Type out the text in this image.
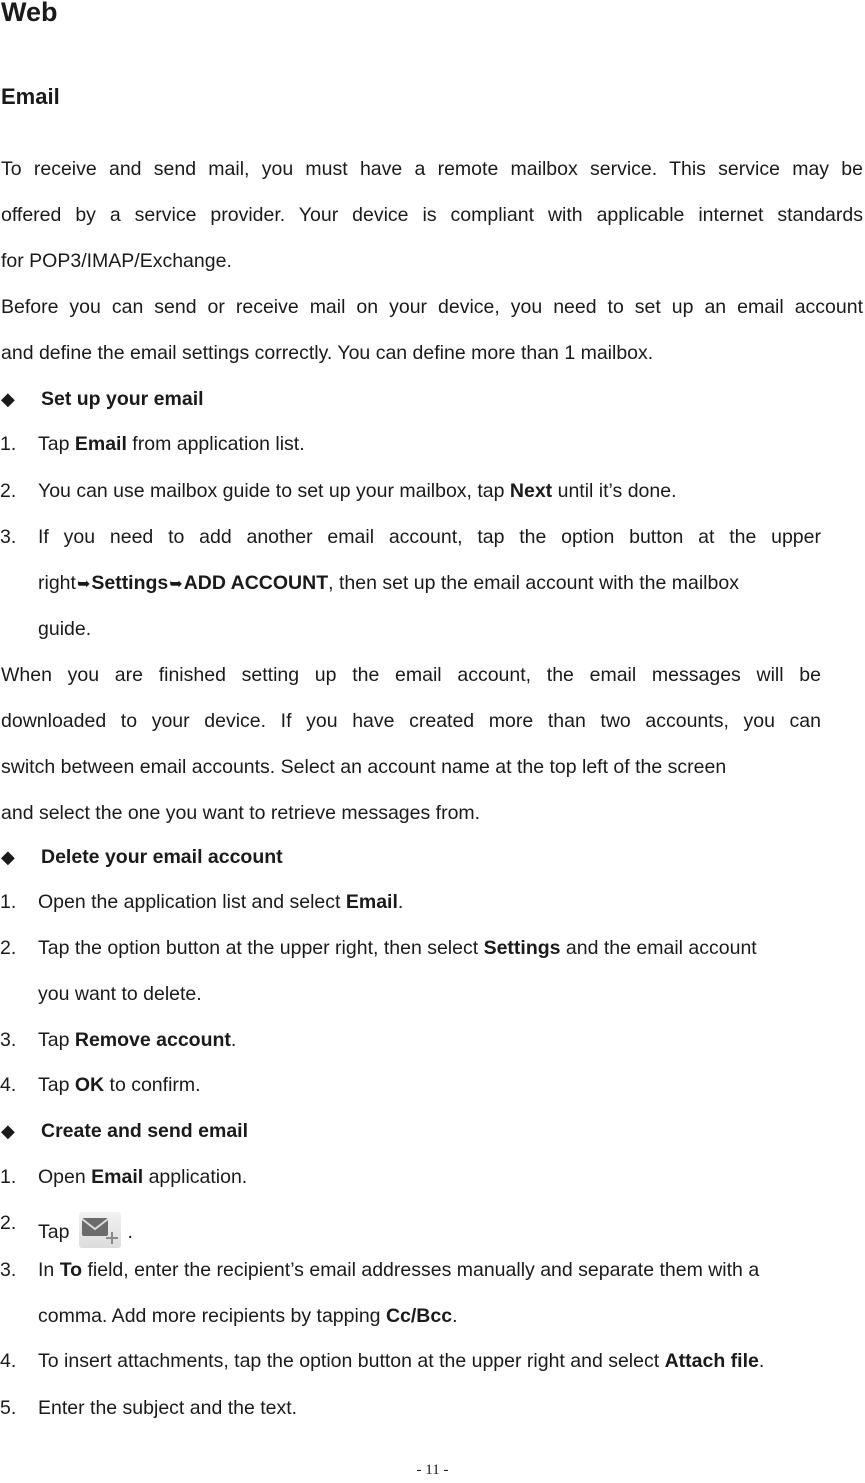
Web
Email
To receive and send mail, you must have a remote mailbox service. This service may be
offered by a service provider. Your device is compliant with applicable internet standards
for POP3/IMAP/Exchange.
Before you can send or receive mail on your device, you need to set up an email account
and define the email settings correctly. You can define more than 1 mailbox.
◆ Set up your email
1.	Tap Email from application list.
2.	You can use mailbox guide to set up your mailbox, tap Next until it’s done.
3.	If you need to add another email account, tap the option button at the upper
right➥Settings➥ADD ACCOUNT, then set up the email account with the mailbox
guide.
When you are finished setting up the email account, the email messages will be
downloaded to your device. If you have created more than two accounts, you can
switch between email accounts. Select an account name at the top left of the screen
and select the one you want to retrieve messages from.
◆ Delete your email account
1.	Open the application list and select Email.
2.	Tap the option button at the upper right, then select Settings and the email account
you want to delete.
3.	Tap Remove account.
4.	Tap OK to confirm.
◆ Create and send email
1.	Open Email application.
2.	Tap	.
3.	In To field, enter the recipient’s email addresses manually and separate them with a
comma. Add more recipients by tapping Cc/Bcc.
4.	To insert attachments, tap the option button at the upper right and select Attach file.
5.	Enter the subject and the text.
- 11 -
